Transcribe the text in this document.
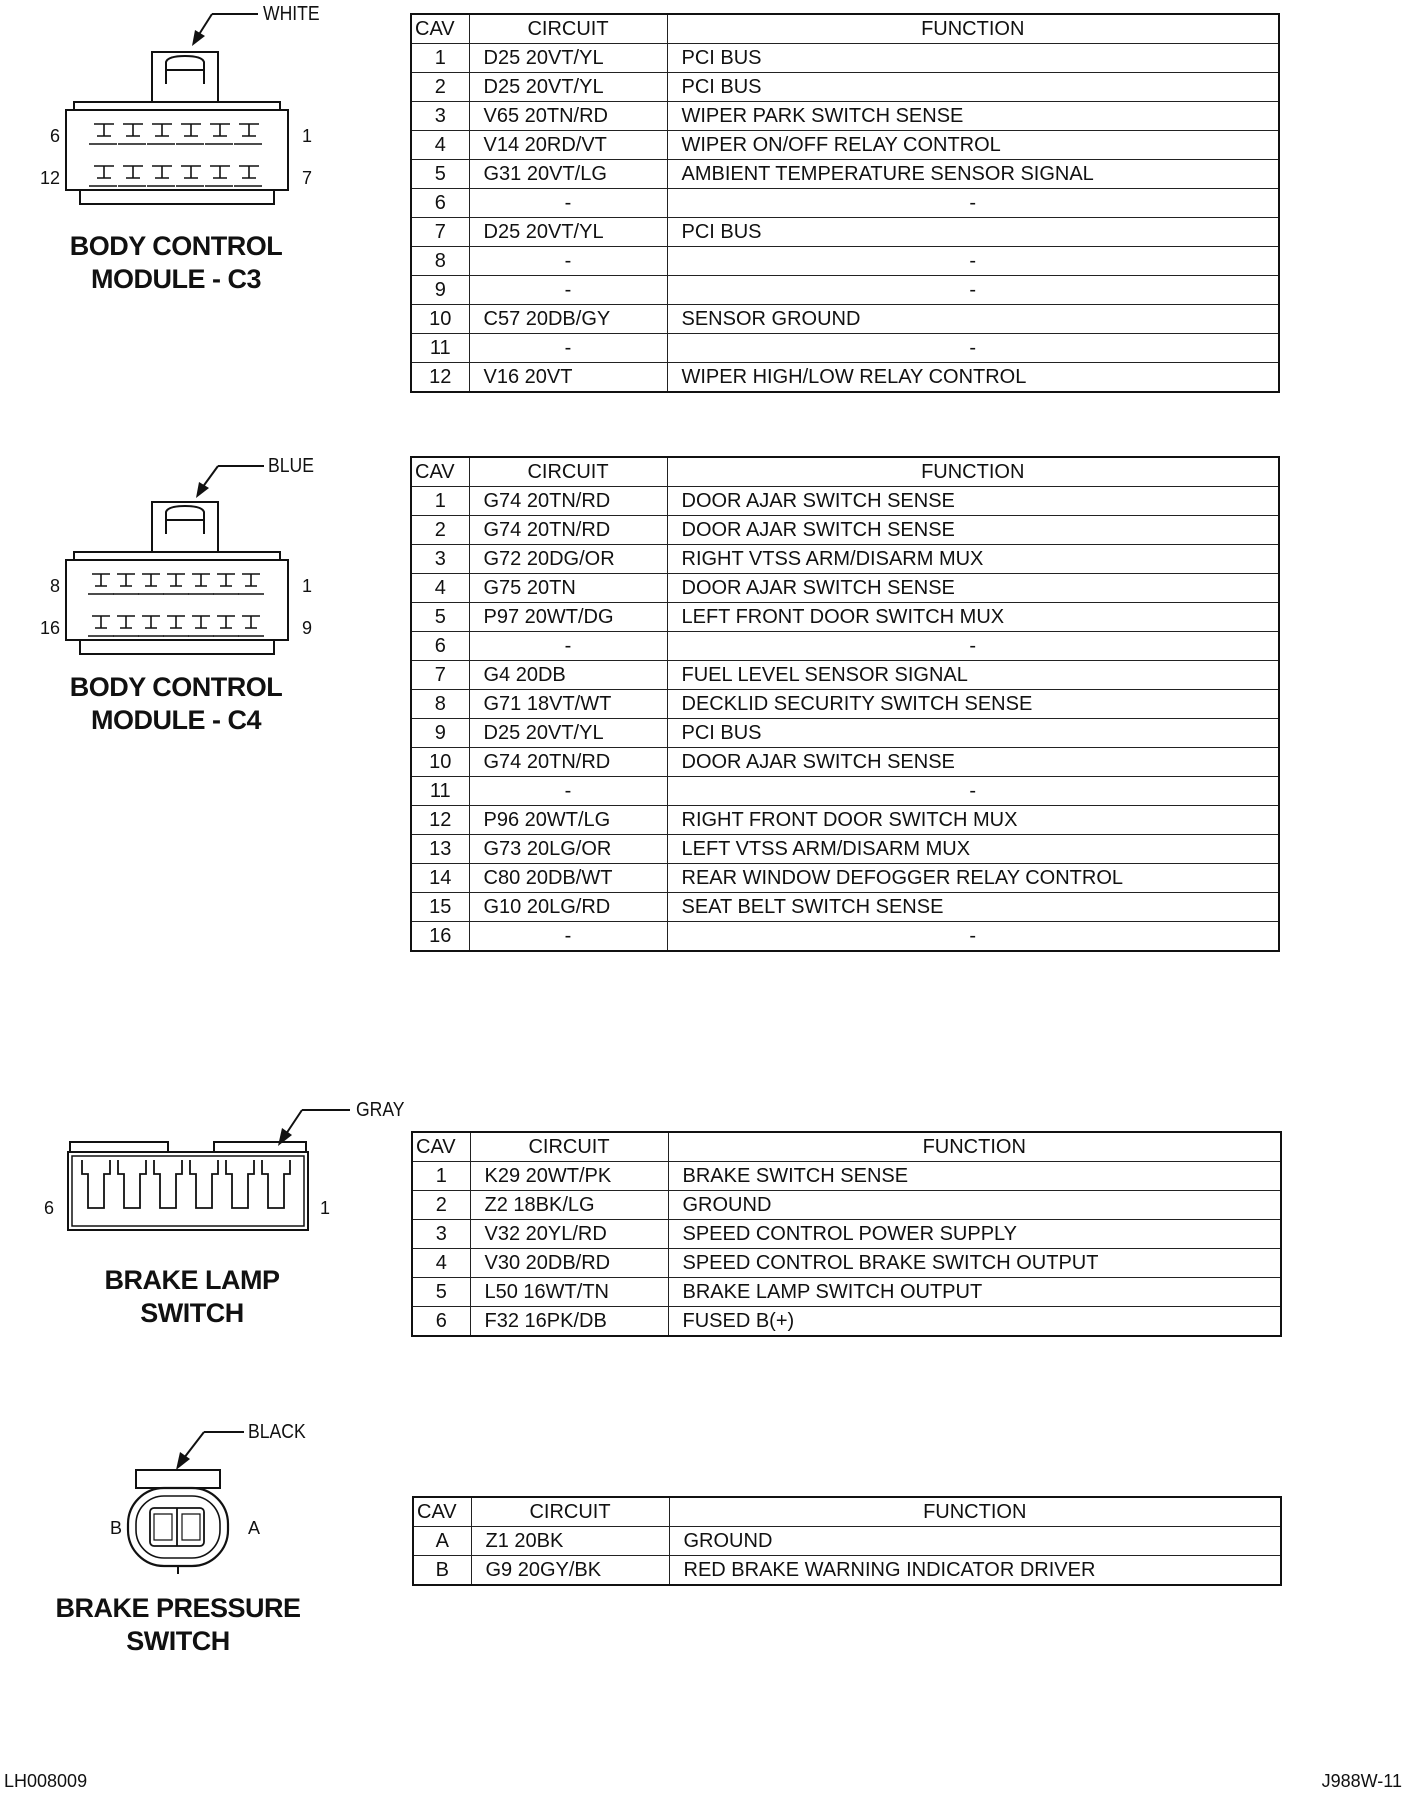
WHITE
6	1
12	7
BODY CONTROL
MODULE - C3
CAV	CIRCUIT	FUNCTION
1	D25 20VT/YL	PCI BUS
2	D25 20VT/YL	PCI BUS
3	V65 20TN/RD	WIPER PARK SWITCH SENSE
4	V14 20RD/VT	WIPER ON/OFF RELAY CONTROL
5	G31 20VT/LG	AMBIENT TEMPERATURE SENSOR SIGNAL
6	-	-
7	D25 20VT/YL	PCI BUS
8	-	-
9	-	-
10	C57 20DB/GY	SENSOR GROUND
11	-	-
12	V16 20VT	WIPER HIGH/LOW RELAY CONTROL
BLUE
8	1
16	9
BODY CONTROL
MODULE - C4
CAV	CIRCUIT	FUNCTION
1	G74 20TN/RD	DOOR AJAR SWITCH SENSE
2	G74 20TN/RD	DOOR AJAR SWITCH SENSE
3	G72 20DG/OR	RIGHT VTSS ARM/DISARM MUX
4	G75 20TN	DOOR AJAR SWITCH SENSE
5	P97 20WT/DG	LEFT FRONT DOOR SWITCH MUX
6	-	-
7	G4 20DB	FUEL LEVEL SENSOR SIGNAL
8	G71 18VT/WT	DECKLID SECURITY SWITCH SENSE
9	D25 20VT/YL	PCI BUS
10	G74 20TN/RD	DOOR AJAR SWITCH SENSE
11	-	-
12	P96 20WT/LG	RIGHT FRONT DOOR SWITCH MUX
13	G73 20LG/OR	LEFT VTSS ARM/DISARM MUX
14	C80 20DB/WT	REAR WINDOW DEFOGGER RELAY CONTROL
15	G10 20LG/RD	SEAT BELT SWITCH SENSE
16	-	-
GRAY
6	1
BRAKE LAMP
SWITCH
CAV	CIRCUIT	FUNCTION
1	K29 20WT/PK	BRAKE SWITCH SENSE
2	Z2 18BK/LG	GROUND
3	V32 20YL/RD	SPEED CONTROL POWER SUPPLY
4	V30 20DB/RD	SPEED CONTROL BRAKE SWITCH OUTPUT
5	L50 16WT/TN	BRAKE LAMP SWITCH OUTPUT
6	F32 16PK/DB	FUSED B(+)
BLACK
B	A
BRAKE PRESSURE
SWITCH
CAV	CIRCUIT	FUNCTION
A	Z1 20BK	GROUND
B	G9 20GY/BK	RED BRAKE WARNING INDICATOR DRIVER
LH008009	J988W-11
